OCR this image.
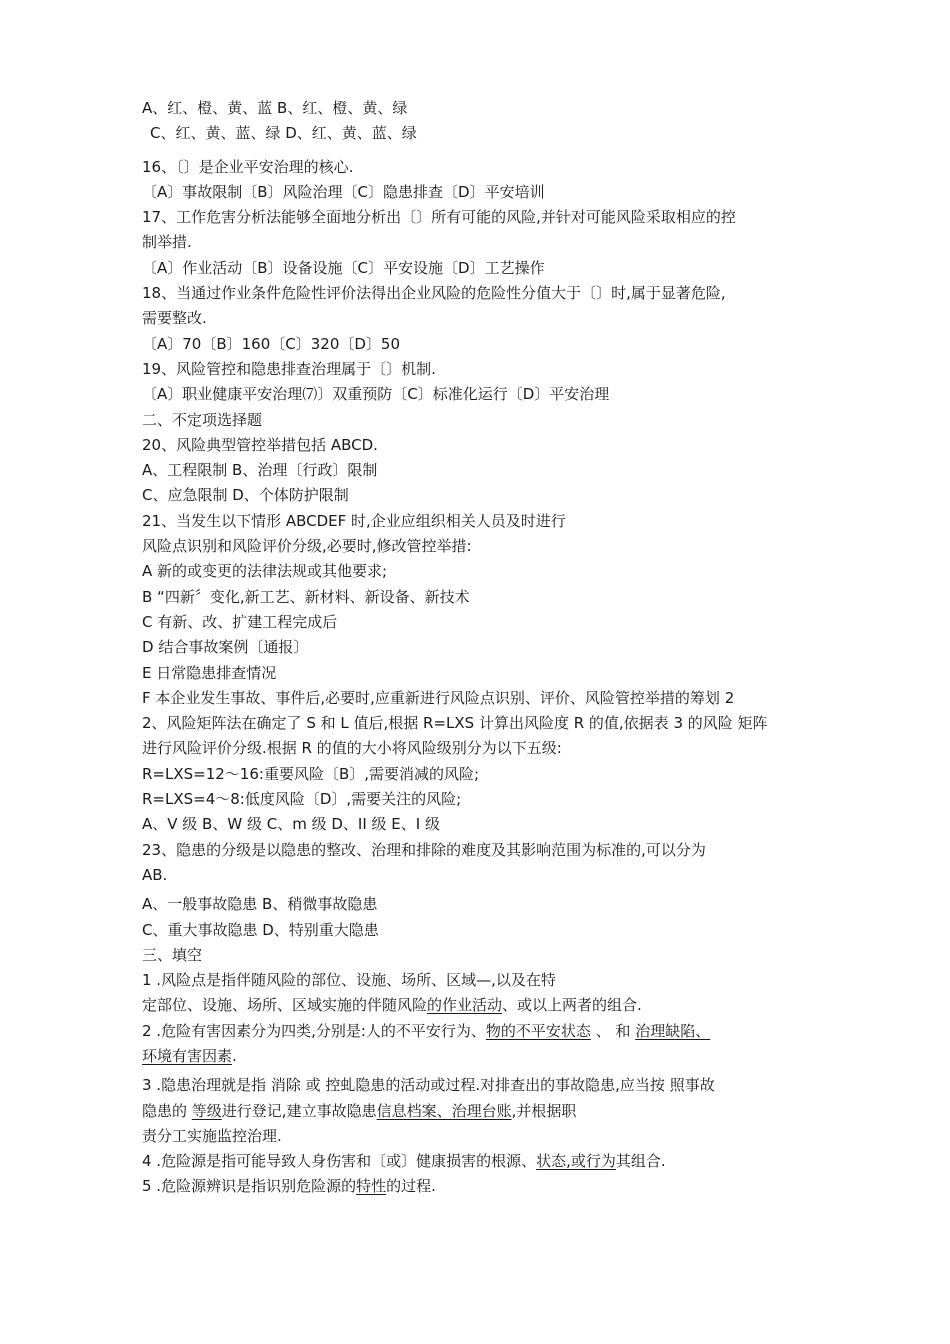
A、红、橙、黄、蓝 B、红、橙、黄、绿
C、红、黄、蓝、绿 D、红、黄、蓝、绿
16、〔〕是企业平安治理的核心.
〔A〕事故限制〔B〕风险治理〔C〕隐患排查〔D〕平安培训
17、工作危害分析法能够全面地分析出〔〕所有可能的风险,并针对可能风险采取相应的控
制举措.
〔A〕作业活动〔B〕设备设施〔C〕平安设施〔D〕工艺操作
18、当通过作业条件危险性评价法得出企业风险的危险性分值大于〔〕时,属于显著危险,
需要整改.
〔A〕70〔B〕160〔C〕320〔D〕50
19、风险管控和隐患排查治理属于〔〕机制.
〔A〕职业健康平安治理⑺〕双重预防〔C〕标准化运行〔D〕平安治理
二、不定项选择题
20、风险典型管控举措包括 ABCD.
A、工程限制 B、治理〔行政〕限制
C、应急限制 D、个体防护限制
21、当发生以下情形 ABCDEF 时,企业应组织相关人员及时进行
风险点识别和风险评价分级,必要时,修改管控举措:
A 新的或变更的法律法规或其他要求;
B “四新〞变化,新工艺、新材料、新设备、新技术
C 有新、改、扩建工程完成后
D 结合事故案例〔通报〕
E 日常隐患排查情况
F 本企业发生事故、事件后,必要时,应重新进行风险点识别、评价、风险管控举措的筹划 2
2、风险矩阵法在确定了 S 和 L 值后,根据 R=LXS 计算出风险度 R 的值,依据表 3 的风险 矩阵
进行风险评价分级.根据 R 的值的大小将风险级别分为以下五级:
R=LXS=12〜16:重要风险〔B〕,需要消减的风险;
R=LXS=4〜8:低度风险〔D〕,需要关注的风险;
A、V 级 B、W 级 C、m 级 D、II 级 E、I 级
23、隐患的分级是以隐患的整改、治理和排除的难度及其影响范围为标准的,可以分为
AB.
A、一般事故隐患 B、稍微事故隐患
C、重大事故隐患 D、特别重大隐患
三、填空
1 .风险点是指伴随风险的部位、设施、场所、区域—,以及在特
定部位、设施、场所、区域实施的伴随风险的作业活动、或以上两者的组合.
2 .危险有害因素分为四类,分别是:人的不平安行为、物的不平安状态 、 和 治理缺陷、
环境有害因素.
3 .隐患治理就是指 消除 或 控虬隐患的活动或过程.对排查出的事故隐患,应当按 照事故
隐患的 等级进行登记,建立事故隐患信息档案、治理台账,并根据职
责分工实施监控治理.
4 .危险源是指可能导致人身伤害和〔或〕健康损害的根源、状态,或行为其组合.
5 .危险源辨识是指识别危险源的特性的过程.
